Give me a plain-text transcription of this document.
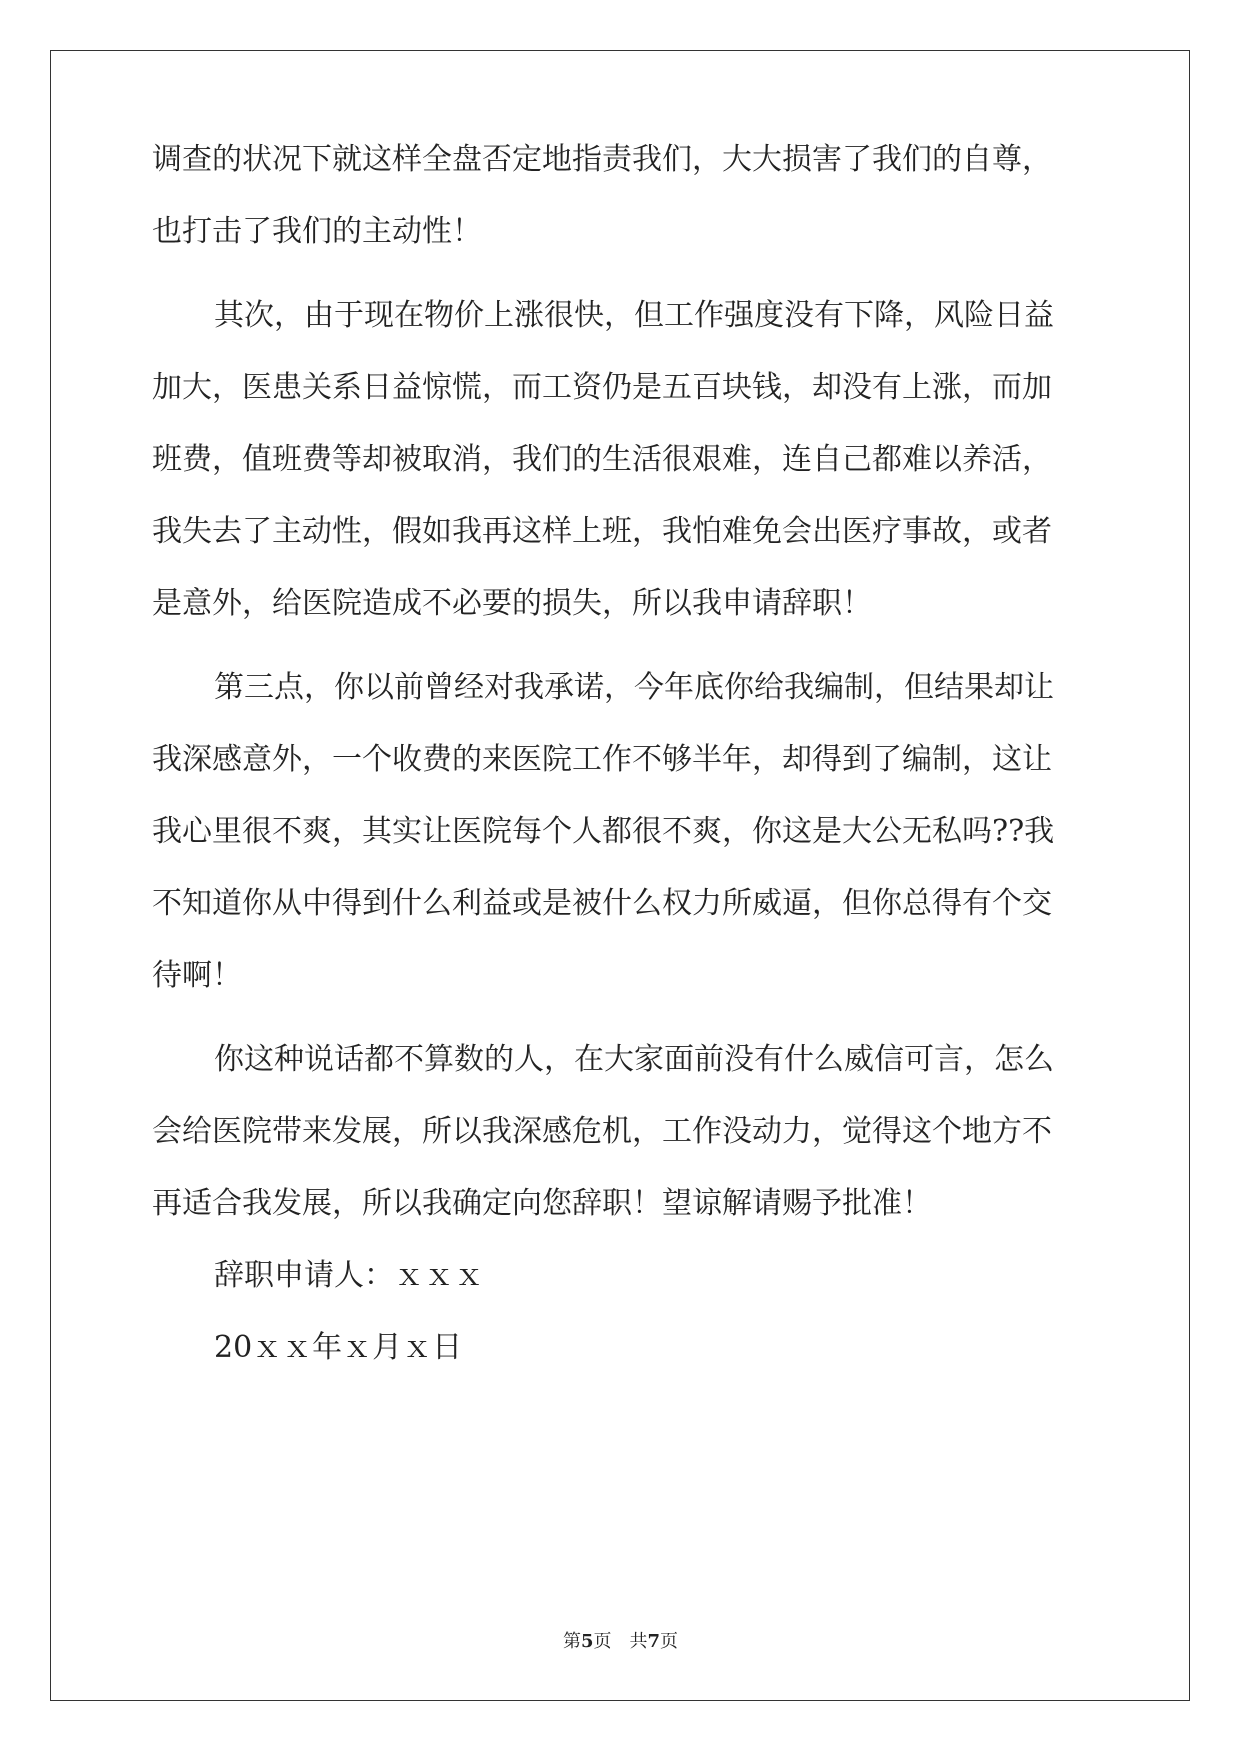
调查的状况下就这样全盘否定地指责我们，大大损害了我们的自尊，
也打击了我们的主动性！
其次，由于现在物价上涨很快，但工作强度没有下降，风险日益
加大，医患关系日益惊慌，而工资仍是五百块钱，却没有上涨，而加
班费，值班费等却被取消，我们的生活很艰难，连自己都难以养活，
我失去了主动性，假如我再这样上班，我怕难免会出医疗事故，或者
是意外，给医院造成不必要的损失，所以我申请辞职！
第三点，你以前曾经对我承诺，今年底你给我编制，但结果却让
我深感意外，一个收费的来医院工作不够半年，却得到了编制，这让
我心里很不爽，其实让医院每个人都很不爽，你这是大公无私吗??我
不知道你从中得到什么利益或是被什么权力所威逼，但你总得有个交
待啊！
你这种说话都不算数的人，在大家面前没有什么威信可言，怎么
会给医院带来发展，所以我深感危机，工作没动力，觉得这个地方不
再适合我发展，所以我确定向您辞职！望谅解请赐予批准！
辞职申请人：ｘｘｘ
20ｘｘ年ｘ月ｘ日
第5页　共7页
